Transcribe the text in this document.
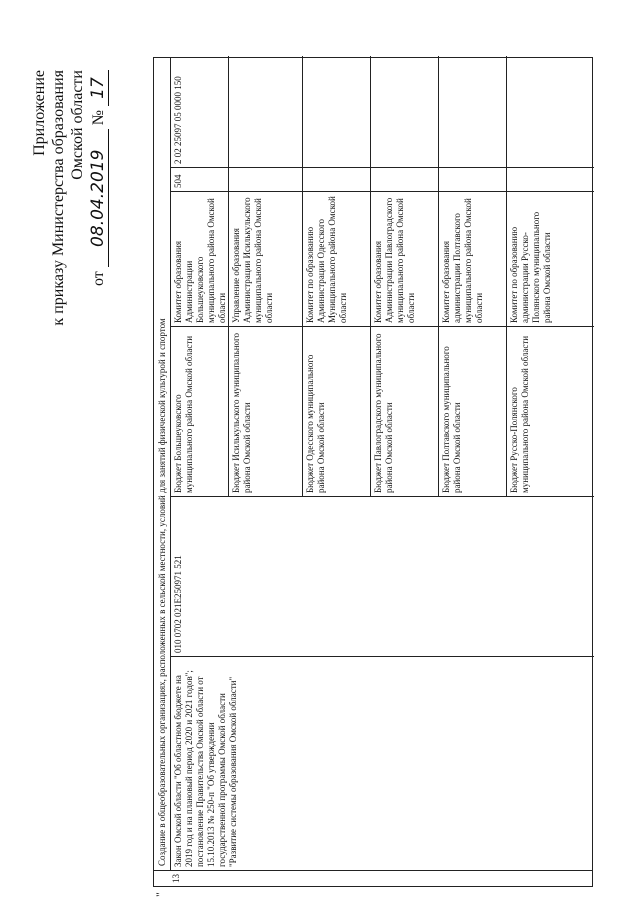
Приложение к приказу Министерства образования Омской области
от 08.04.2019 № 17
"
13
Создание в общеобразовательных организациях, расположенных в сельской местности, условий для занятий физической культурой и спортом Закон Омской области "Об областном бюджете на 2019 год и на плановый период 2020 и 2021 годов"; постановление Правительства Омской области от 15.10.2013 № 250-п "Об утверждении государственной программы Омской области "Развитие системы образования Омской области"
010 0702 021E250971 521
Бюджет Большеуковского муниципального района Омской области
Комитет образования Администрации Большеуковского муниципального района Омской области
504
2 02 25097 05 0000 150
Бюджет Исилькульского муниципального района Омской области
Управление образования Администрации Исилькульского муниципального района Омской области
Бюджет Одесского муниципального района Омской области
Комитет по образованию Администрации Одесского Муниципального района Омской области
Бюджет Павлоградского муниципального района Омской области
Комитет образования Администрации Павлоградского муниципального района Омской области
Бюджет Полтавского муниципального района Омской области
Комитет образования администрации Полтавского муниципального района Омской области
Бюджет Русско-Полянского муниципального района Омской области
Комитет по образованию администрации Русско-Полянского муниципального района Омской области
